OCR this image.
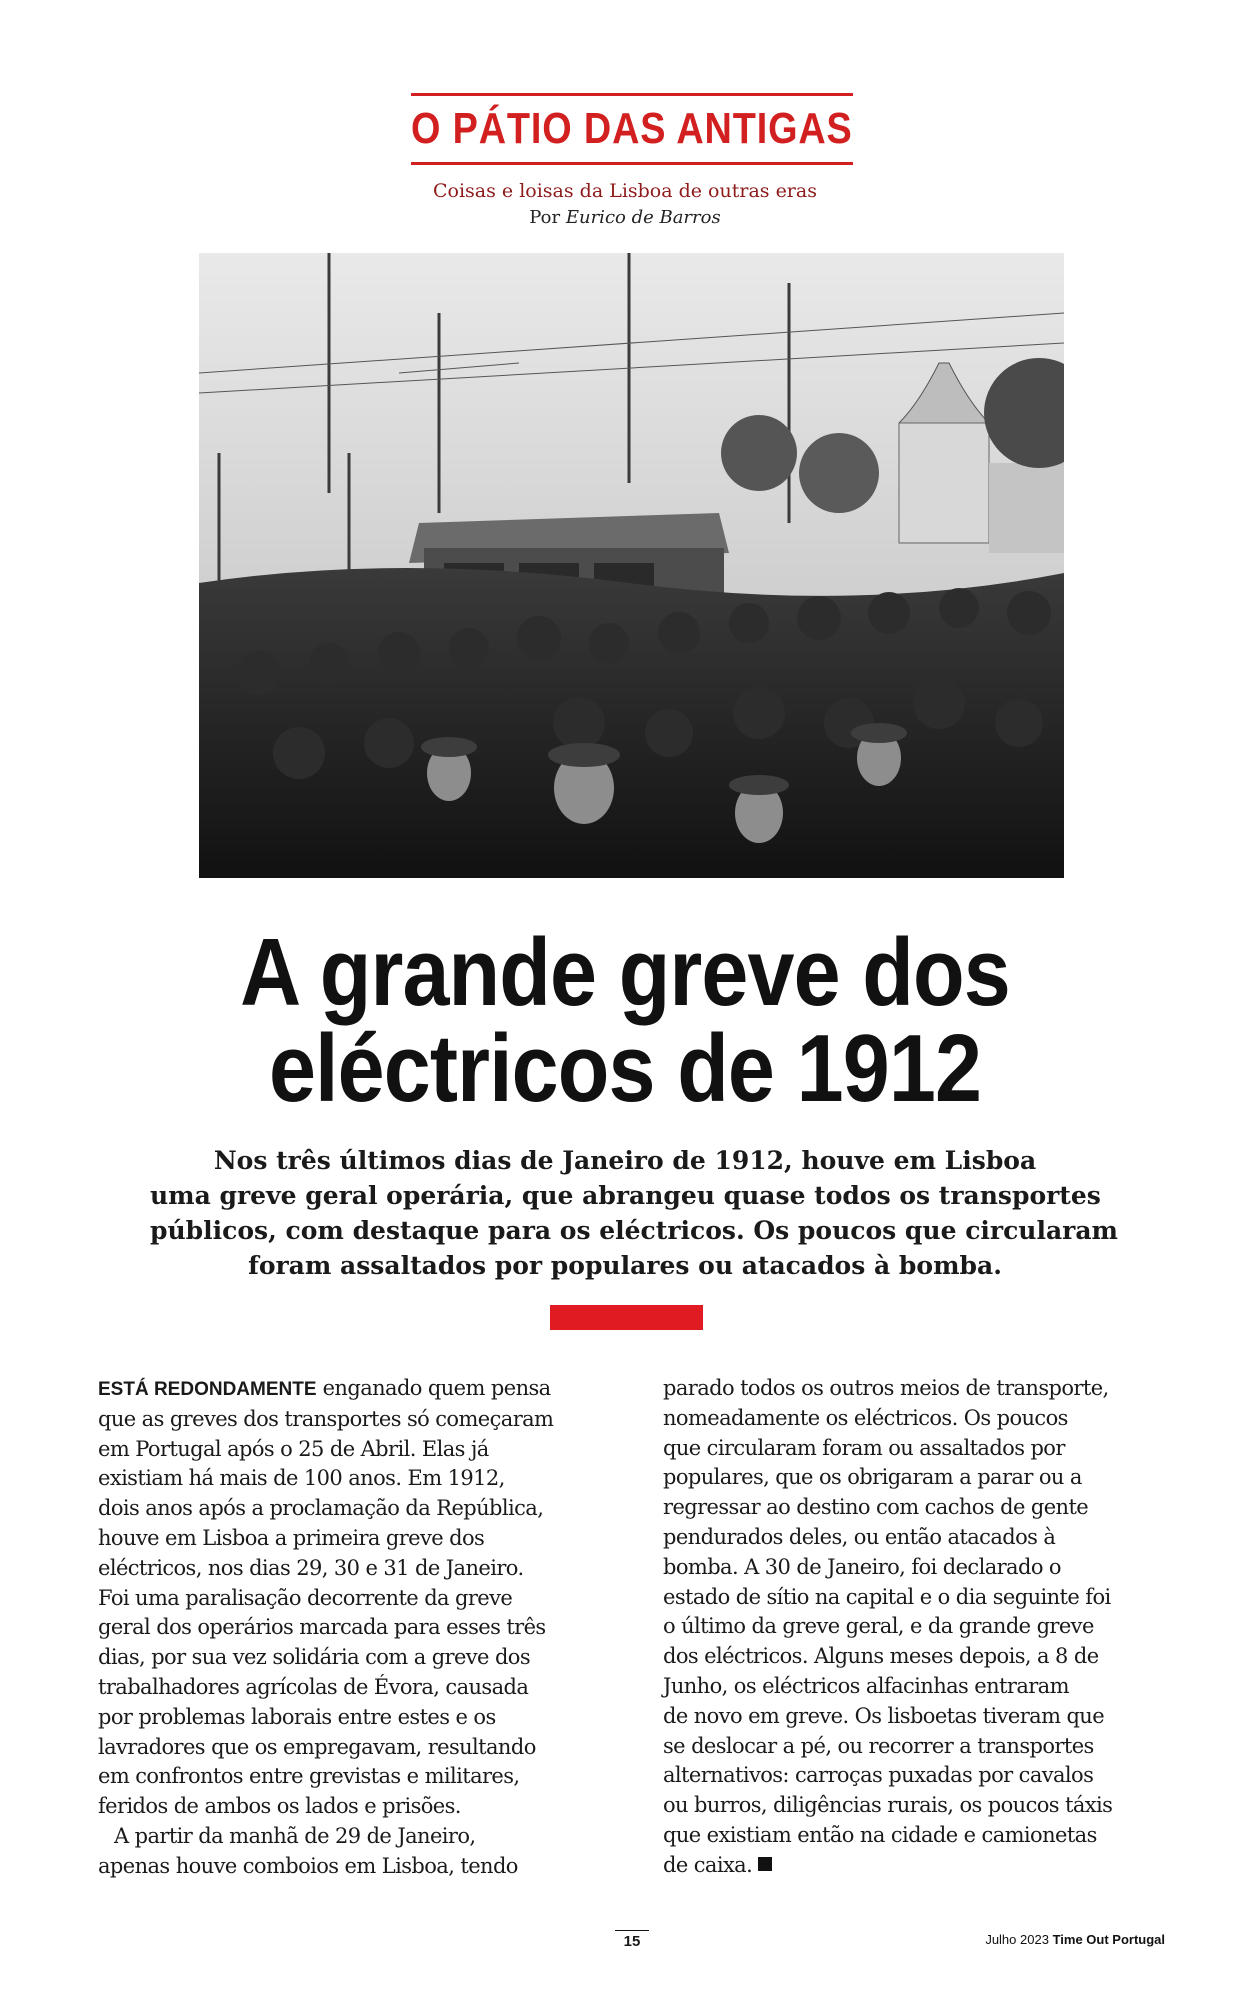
O PÁTIO DAS ANTIGAS
Coisas e loisas da Lisboa de outras eras
Por Eurico de Barros
A grande greve dos
eléctricos de 1912
Nos três últimos dias de Janeiro de 1912, houve em Lisboa
uma greve geral operária, que abrangeu quase todos os transportes
públicos, com destaque para os eléctricos. Os poucos que circularam
foram assaltados por populares ou atacados à bomba.
ESTÁ REDONDAMENTE enganado quem pensa
que as greves dos transportes só começaram
em Portugal após o 25 de Abril. Elas já
existiam há mais de 100 anos. Em 1912,
dois anos após a proclamação da República,
houve em Lisboa a primeira greve dos
eléctricos, nos dias 29, 30 e 31 de Janeiro.
Foi uma paralisação decorrente da greve
geral dos operários marcada para esses três
dias, por sua vez solidária com a greve dos
trabalhadores agrícolas de Évora, causada
por problemas laborais entre estes e os
lavradores que os empregavam, resultando
em confrontos entre grevistas e militares,
feridos de ambos os lados e prisões.
A partir da manhã de 29 de Janeiro,
apenas houve comboios em Lisboa, tendo
parado todos os outros meios de transporte,
nomeadamente os eléctricos. Os poucos
que circularam foram ou assaltados por
populares, que os obrigaram a parar ou a
regressar ao destino com cachos de gente
pendurados deles, ou então atacados à
bomba. A 30 de Janeiro, foi declarado o
estado de sítio na capital e o dia seguinte foi
o último da greve geral, e da grande greve
dos eléctricos. Alguns meses depois, a 8 de
Junho, os eléctricos alfacinhas entraram
de novo em greve. Os lisboetas tiveram que
se deslocar a pé, ou recorrer a transportes
alternativos: carroças puxadas por cavalos
ou burros, diligências rurais, os poucos táxis
que existiam então na cidade e camionetas
de caixa.
15	Julho 2023 Time Out Portugal
